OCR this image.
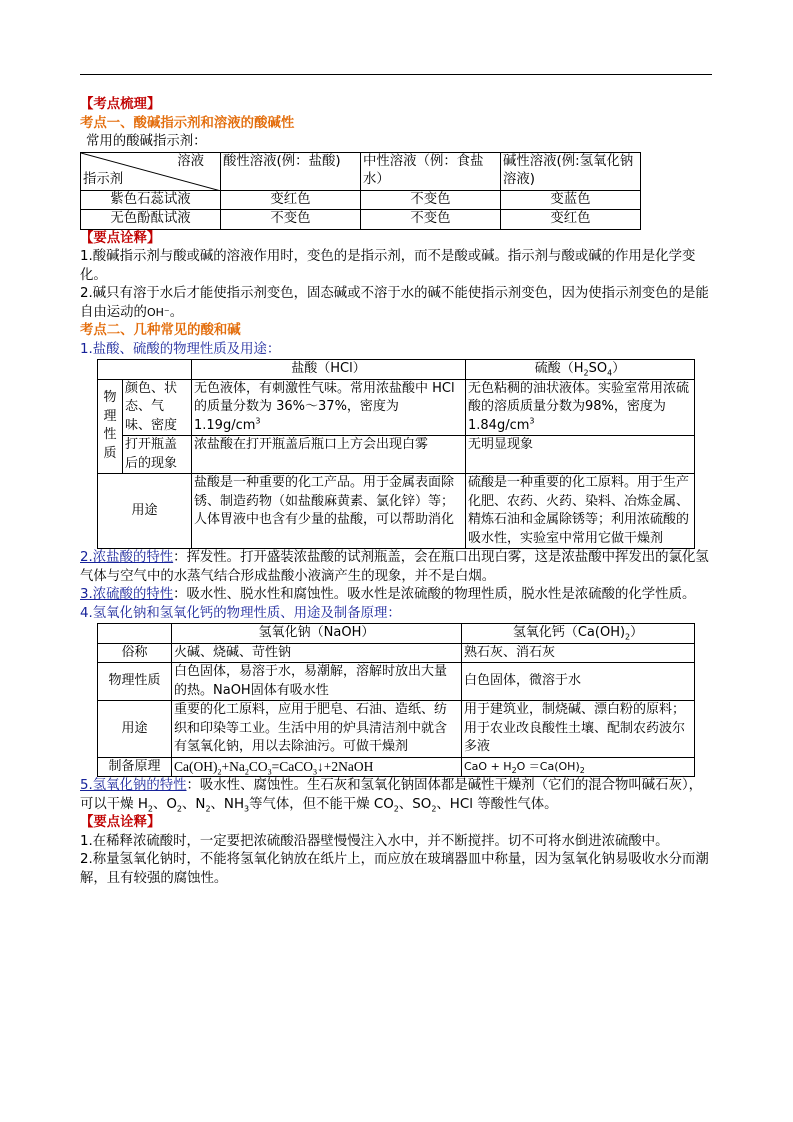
【考点梳理】

考点一、酸碱指示剂和溶液的酸碱性

常用的酸碱指示剂：

溶液
指示剂	酸性溶液(例：盐酸)	中性溶液（例：食盐水）	碱性溶液(例:氢氧化钠溶液)
紫色石蕊试液	变红色	不变色	变蓝色
无色酚酞试液	不变色	不变色	变红色

【要点诠释】

1.酸碱指示剂与酸或碱的溶液作用时，变色的是指示剂，而不是酸或碱。指示剂与酸或碱的作用是化学变化。

2.碱只有溶于水后才能使指示剂变色，固态碱或不溶于水的碱不能使指示剂变色，因为使指示剂变色的是能自由运动的OH⁻。

考点二、几种常见的酸和碱

1.盐酸、硫酸的物理性质及用途：

		盐酸（HCl）	硫酸$(H_2SO_4)$
物理性质	颜色、状态、气味、密度	无色液体，有刺激性气味。常用浓盐酸中 HCl 的质量分数为 36%～37%，密度为 $1.19g/cm^3$	无色粘稠的油状液体。实验室常用浓硫酸的溶质质量分数为98%，密度为 $1.84g/cm^3$
	打开瓶盖后的现象	浓盐酸在打开瓶盖后瓶口上方会出现白雾	无明显现象
用途		盐酸是一种重要的化工产品。用于金属表面除锈、制造药物（如盐酸麻黄素、氯化锌）等；人体胃液中也含有少量的盐酸，可以帮助消化	硫酸是一种重要的化工原料。用于生产化肥、农药、火药、染料、冶炼金属、精炼石油和金属除锈等；利用浓硫酸的吸水性，实验室中常用它做干燥剂

2.浓盐酸的特性：挥发性。打开盛装浓盐酸的试剂瓶盖，会在瓶口出现白雾，这是浓盐酸中挥发出的氯化氢气体与空气中的水蒸气结合形成盐酸小液滴产生的现象，并不是白烟。

3.浓硫酸的特性：吸水性、脱水性和腐蚀性。吸水性是浓硫酸的物理性质，脱水性是浓硫酸的化学性质。

4.氢氧化钠和氢氧化钙的物理性质、用途及制备原理：

	氢氧化钠（NaOH）	氢氧化钙$(Ca(OH)_2)$
俗称	火碱、烧碱、苛性钠	熟石灰、消石灰
物理性质	白色固体，易溶于水，易潮解，溶解时放出大量的热。NaOH固体有吸水性	白色固体，微溶于水
用途	重要的化工原料，应用于肥皂、石油、造纸、纺织和印染等工业。生活中用的炉具清洁剂中就含有氢氧化钠，用以去除油污。可做干燥剂	用于建筑业，制烧碱、漂白粉的原料；用于农业改良酸性土壤、配制农药波尔多液
制备原理	$Ca(OH)_2+Na_2CO_3=CaCO_3↓+2NaOH$	CaO + $H_2O =Ca(OH)_2$

5.氢氧化钠的特性：吸水性、腐蚀性。生石灰和氢氧化钠固体都是碱性干燥剂（它们的混合物叫碱石灰），可以干燥 $H_2$、$O_2$、$N_2$、$NH_3$等气体，但不能干燥 $CO_2$、$SO_2$、HCl 等酸性气体。

【要点诠释】

1.在稀释浓硫酸时，一定要把浓硫酸沿器壁慢慢注入水中，并不断搅拌。切不可将水倒进浓硫酸中。

2.称量氢氧化钠时，不能将氢氧化钠放在纸片上，而应放在玻璃器皿中称量，因为氢氧化钠易吸收水分而潮解，且有较强的腐蚀性。
